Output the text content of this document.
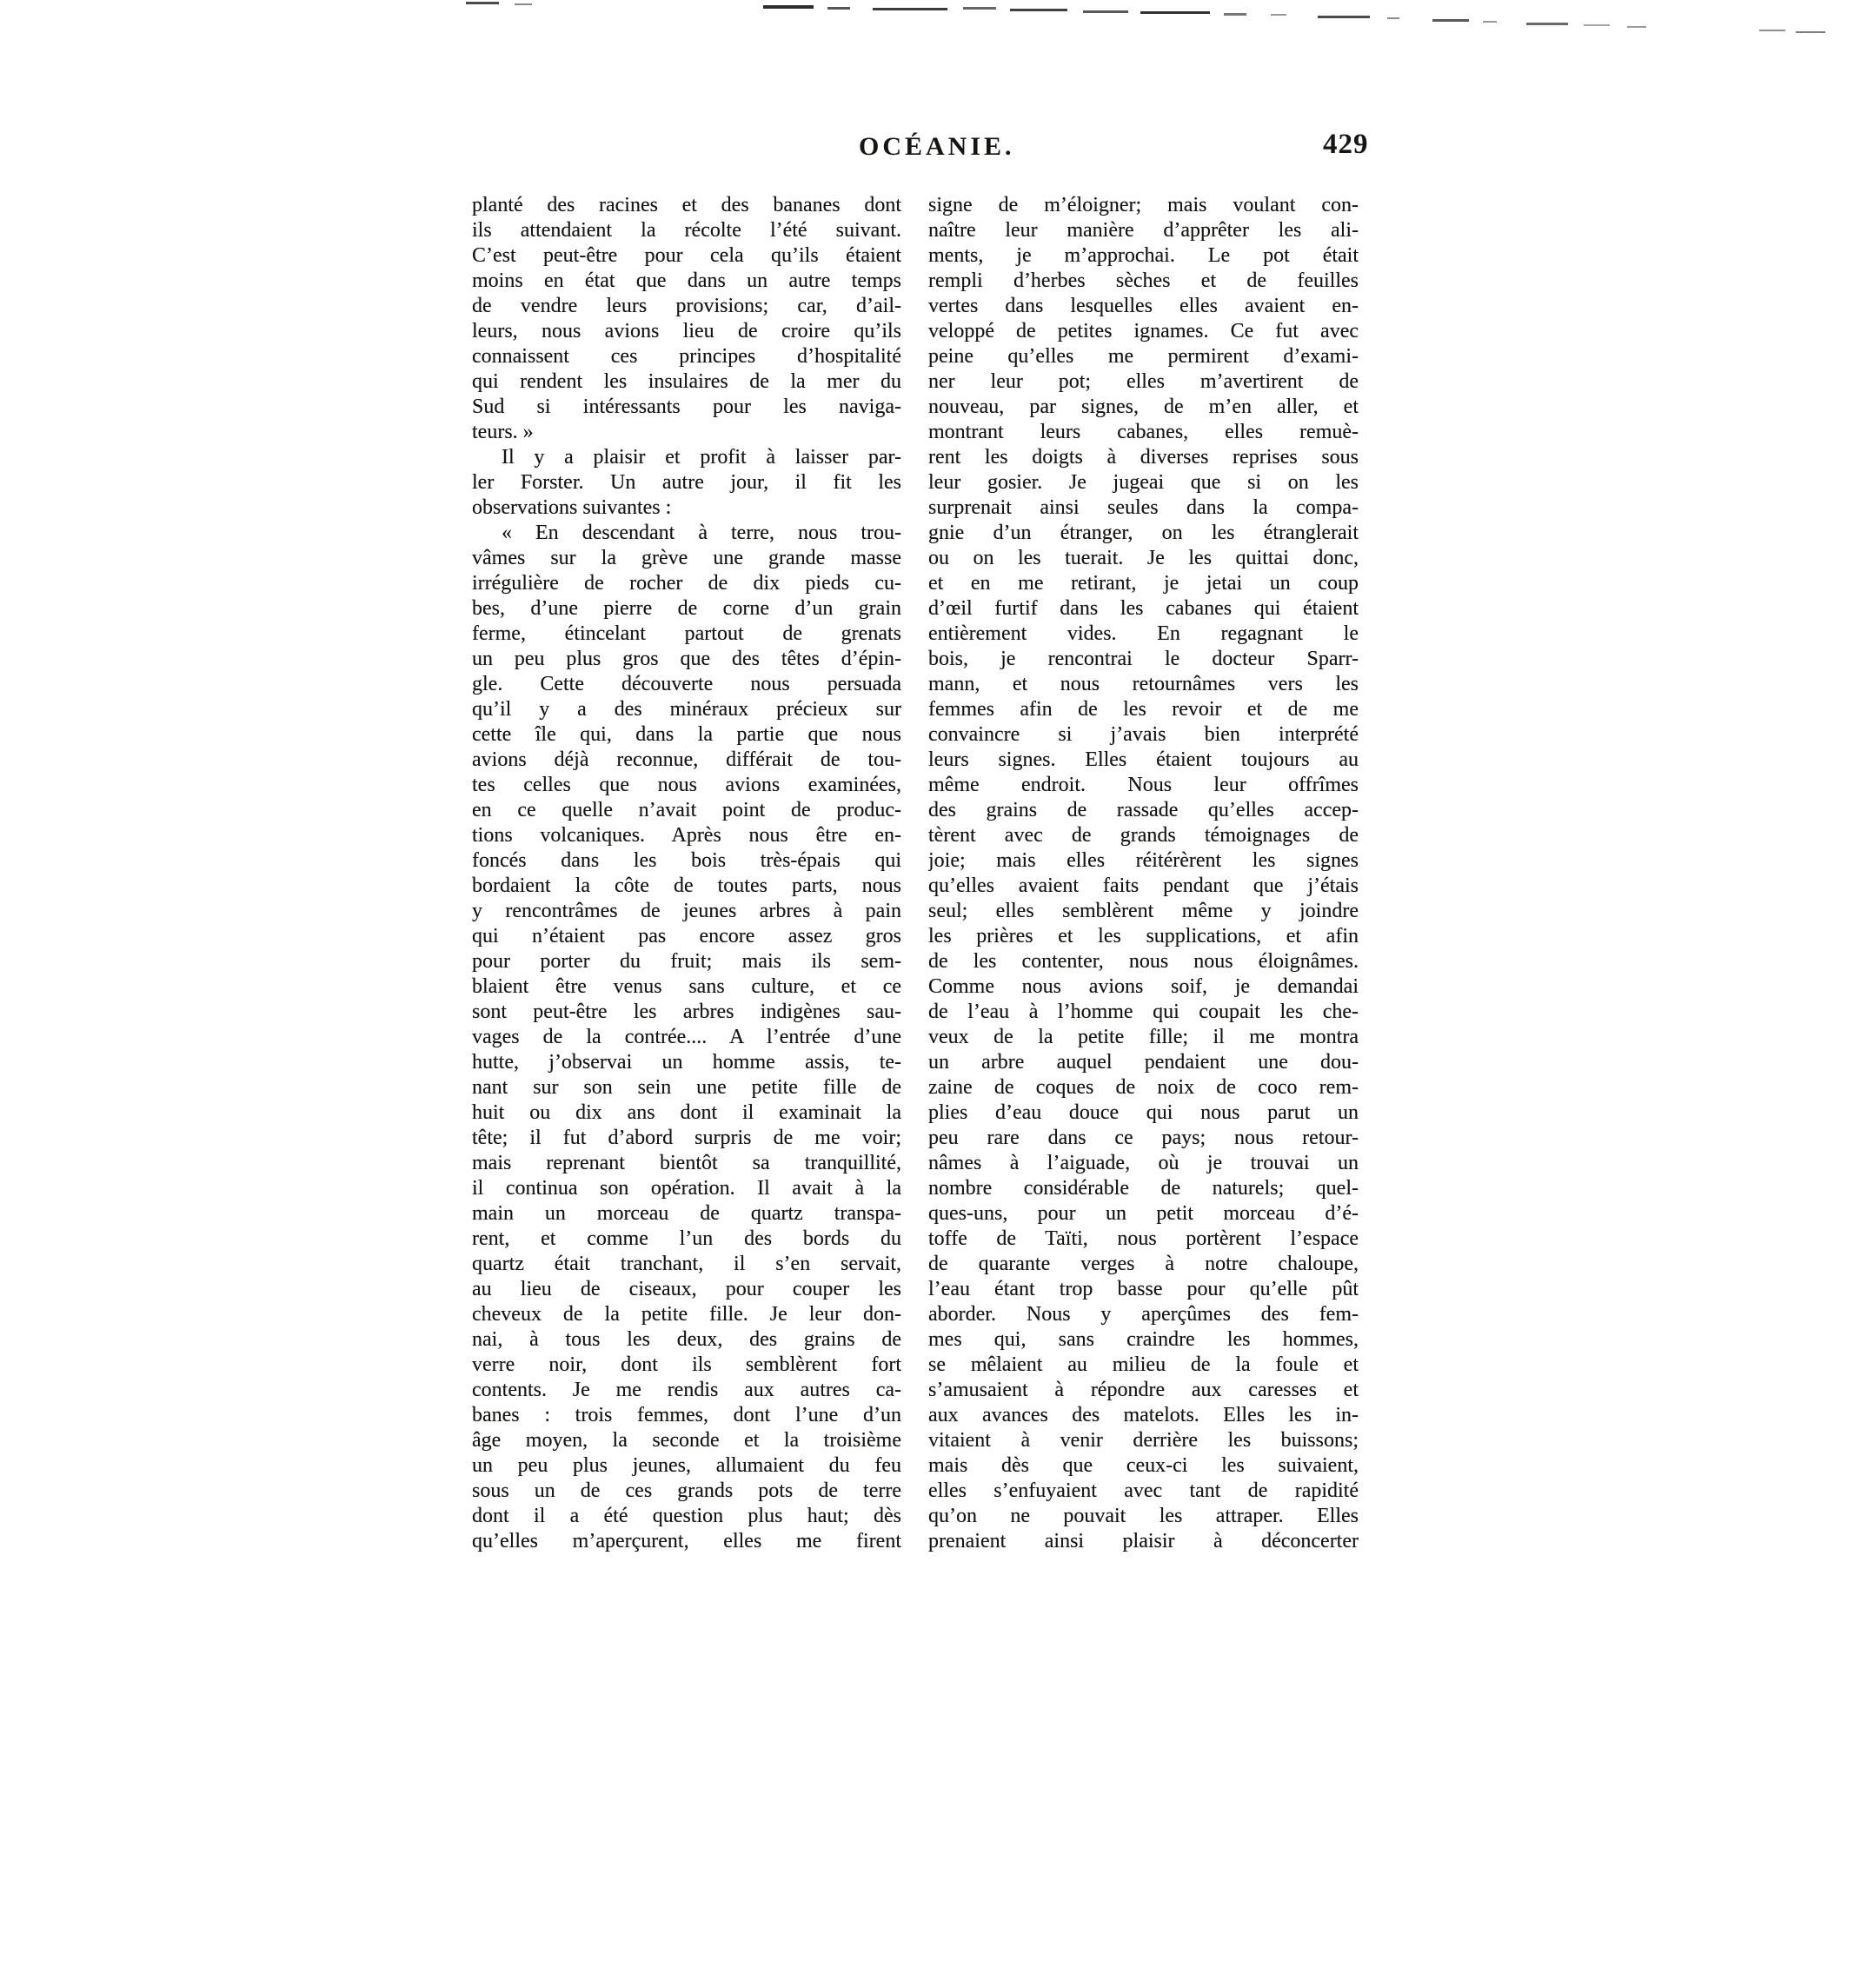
OCÉANIE.	429
planté des racines et des bananes dont
ils attendaient la récolte l’été suivant.
C’est peut-être pour cela qu’ils étaient
moins en état que dans un autre temps
de vendre leurs provisions; car, d’ail-
leurs, nous avions lieu de croire qu’ils
connaissent ces principes d’hospitalité
qui rendent les insulaires de la mer du
Sud si intéressants pour les naviga-
teurs. »
Il y a plaisir et profit à laisser par-
ler Forster. Un autre jour, il fit les
observations suivantes :
« En descendant à terre, nous trou-
vâmes sur la grève une grande masse
irrégulière de rocher de dix pieds cu-
bes, d’une pierre de corne d’un grain
ferme, étincelant partout de grenats
un peu plus gros que des têtes d’épin-
gle. Cette découverte nous persuada
qu’il y a des minéraux précieux sur
cette île qui, dans la partie que nous
avions déjà reconnue, différait de tou-
tes celles que nous avions examinées,
en ce quelle n’avait point de produc-
tions volcaniques. Après nous être en-
foncés dans les bois très-épais qui
bordaient la côte de toutes parts, nous
y rencontrâmes de jeunes arbres à pain
qui n’étaient pas encore assez gros
pour porter du fruit; mais ils sem-
blaient être venus sans culture, et ce
sont peut-être les arbres indigènes sau-
vages de la contrée.... A l’entrée d’une
hutte, j’observai un homme assis, te-
nant sur son sein une petite fille de
huit ou dix ans dont il examinait la
tête; il fut d’abord surpris de me voir;
mais reprenant bientôt sa tranquillité,
il continua son opération. Il avait à la
main un morceau de quartz transpa-
rent, et comme l’un des bords du
quartz était tranchant, il s’en servait,
au lieu de ciseaux, pour couper les
cheveux de la petite fille. Je leur don-
nai, à tous les deux, des grains de
verre noir, dont ils semblèrent fort
contents. Je me rendis aux autres ca-
banes : trois femmes, dont l’une d’un
âge moyen, la seconde et la troisième
un peu plus jeunes, allumaient du feu
sous un de ces grands pots de terre
dont il a été question plus haut; dès
qu’elles m’aperçurent, elles me firent
signe de m’éloigner; mais voulant con-
naître leur manière d’apprêter les ali-
ments, je m’approchai. Le pot était
rempli d’herbes sèches et de feuilles
vertes dans lesquelles elles avaient en-
veloppé de petites ignames. Ce fut avec
peine qu’elles me permirent d’exami-
ner leur pot; elles m’avertirent de
nouveau, par signes, de m’en aller, et
montrant leurs cabanes, elles remuè-
rent les doigts à diverses reprises sous
leur gosier. Je jugeai que si on les
surprenait ainsi seules dans la compa-
gnie d’un étranger, on les étranglerait
ou on les tuerait. Je les quittai donc,
et en me retirant, je jetai un coup
d’œil furtif dans les cabanes qui étaient
entièrement vides. En regagnant le
bois, je rencontrai le docteur Sparr-
mann, et nous retournâmes vers les
femmes afin de les revoir et de me
convaincre si j’avais bien interprété
leurs signes. Elles étaient toujours au
même endroit. Nous leur offrîmes
des grains de rassade qu’elles accep-
tèrent avec de grands témoignages de
joie; mais elles réitérèrent les signes
qu’elles avaient faits pendant que j’étais
seul; elles semblèrent même y joindre
les prières et les supplications, et afin
de les contenter, nous nous éloignâmes.
Comme nous avions soif, je demandai
de l’eau à l’homme qui coupait les che-
veux de la petite fille; il me montra
un arbre auquel pendaient une dou-
zaine de coques de noix de coco rem-
plies d’eau douce qui nous parut un
peu rare dans ce pays; nous retour-
nâmes à l’aiguade, où je trouvai un
nombre considérable de naturels; quel-
ques-uns, pour un petit morceau d’é-
toffe de Taïti, nous portèrent l’espace
de quarante verges à notre chaloupe,
l’eau étant trop basse pour qu’elle pût
aborder. Nous y aperçûmes des fem-
mes qui, sans craindre les hommes,
se mêlaient au milieu de la foule et
s’amusaient à répondre aux caresses et
aux avances des matelots. Elles les in-
vitaient à venir derrière les buissons;
mais dès que ceux-ci les suivaient,
elles s’enfuyaient avec tant de rapidité
qu’on ne pouvait les attraper. Elles
prenaient ainsi plaisir à déconcerter
